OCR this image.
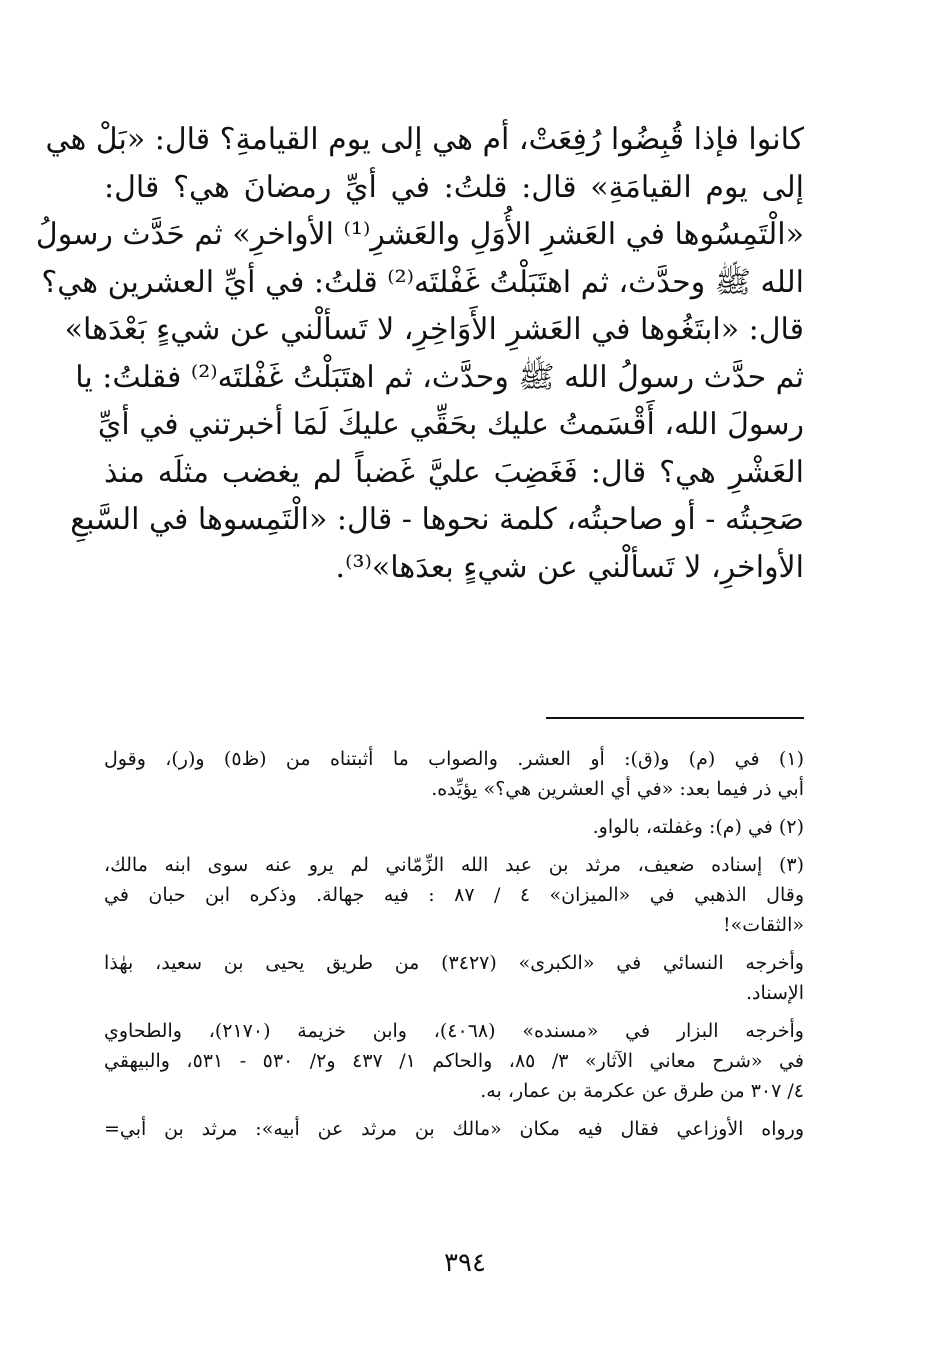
كانوا فإذا قُبِضُوا رُفِعَتْ، أم هي إلى يوم القيامةِ؟ قال: «بَلْ هي
إلى يوم القيامَةِ» قال: قلتُ: في أيِّ رمضانَ هي؟ قال:
«الْتَمِسُوها في العَشرِ الأُوَلِ والعَشرِ⁽¹⁾ الأواخرِ» ثم حَدَّث رسولُ
الله ﷺ وحدَّث، ثم اهتَبَلْتُ غَفْلتَه⁽²⁾ قلتُ: في أيِّ العشرين هي؟
قال: «ابتَغُوها في العَشرِ الأَوَاخِرِ، لا تَسألْني عن شيءٍ بَعْدَها»
ثم حدَّث رسولُ الله ﷺ وحدَّث، ثم اهتَبَلْتُ غَفْلتَه⁽²⁾ فقلتُ: يا
رسولَ الله، أَقْسَمتُ عليك بحَقِّي عليكَ لَمَا أخبرتني في أيِّ
العَشْرِ هي؟ قال: فَغَضِبَ عليَّ غَضباً لم يغضب مثلَه منذ
صَحِبتُه - أو صاحبتُه، كلمة نحوها - قال: «الْتَمِسوها في السَّبعِ
الأواخرِ، لا تَسألْني عن شيءٍ بعدَها»⁽³⁾.
(١) في (م) و(ق): أو العشر. والصواب ما أثبتناه من (ظ٥) و(ر)، وقول
أبي ذر فيما بعد: «في أي العشرين هي؟» يؤيِّده.
(٢) في (م): وغفلته، بالواو.
(٣) إسناده ضعيف، مرثد بن عبد الله الزِّمّاني لم يرو عنه سوى ابنه مالك،
وقال الذهبي في «الميزان» ٤ / ٨٧ : فيه جهالة. وذكره ابن حبان في
«الثقات»!
وأخرجه النسائي في «الكبرى» (٣٤٢٧) من طريق يحيى بن سعيد، بهٰذا
الإسناد.
وأخرجه البزار في «مسنده» (٤٠٦٨)، وابن خزيمة (٢١٧٠)، والطحاوي
في «شرح معاني الآثار» ٣/ ٨٥، والحاكم ١/ ٤٣٧ و٢/ ٥٣٠ - ٥٣١، والبيهقي
٤/ ٣٠٧ من طرق عن عكرمة بن عمار، به.
ورواه الأوزاعي فقال فيه مكان «مالك بن مرثد عن أبيه»: مرثد بن أبي=
٣٩٤
